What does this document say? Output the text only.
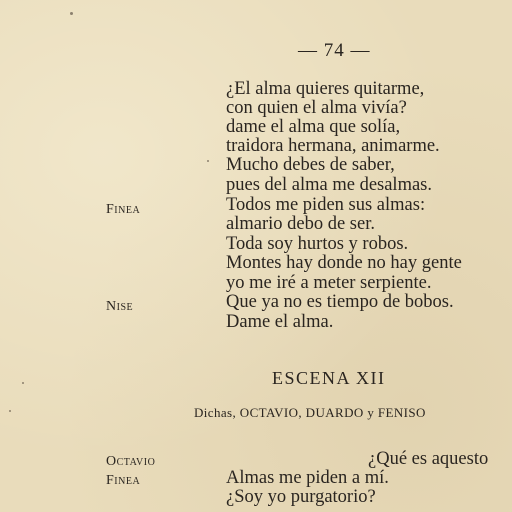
— 74 —
¿El alma quieres quitarme,
con quien el alma vivía?
dame el alma que solía,
traidora hermana, animarme.
Mucho debes de saber,
pues del alma me desalmas.
Finea	Todos me piden sus almas:
almario debo de ser.
Toda soy hurtos y robos.
Montes hay donde no hay gente
yo me iré a meter serpiente.
Nise	Que ya no es tiempo de bobos.
Dame el alma.
ESCENA XII
Dichas, OCTAVIO, DUARDO y FENISO
Octavio	¿Qué es aquesto
Finea	Almas me piden a mí.
¿Soy yo purgatorio?
